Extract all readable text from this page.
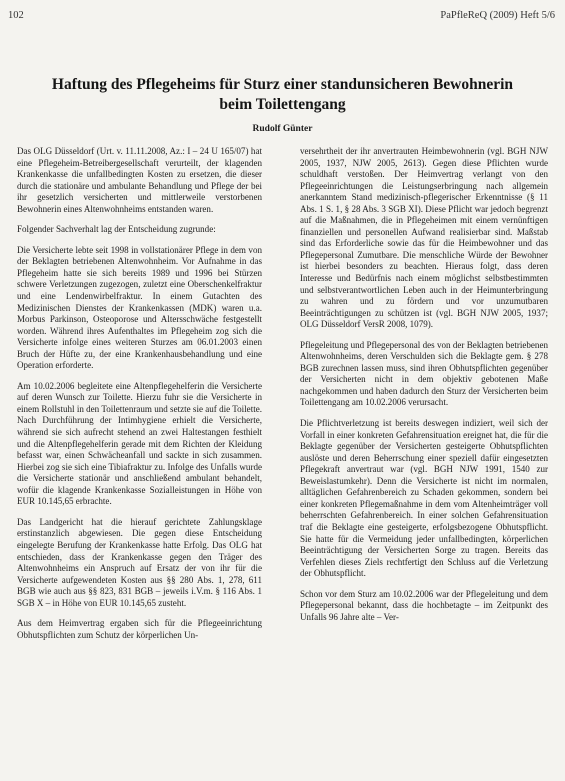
102	PaPfleReQ (2009) Heft 5/6
Haftung des Pflegeheims für Sturz einer standunsicheren Bewohnerin
beim Toilettengang
Rudolf Günter

Das OLG Düsseldorf (Urt. v. 11.11.2008, Az.: I – 24 U 165/07) hat eine Pflegeheim-Betreibergesellschaft verurteilt, der klagenden Krankenkasse die unfallbedingten Kosten zu ersetzen, die dieser durch die stationäre und ambulante Behandlung und Pflege der bei ihr gesetzlich versicherten und mittlerweile verstorbenen Bewohnerin eines Altenwohnheims entstanden waren.

Folgender Sachverhalt lag der Entscheidung zugrunde:

Die Versicherte lebte seit 1998 in vollstationärer Pflege in dem von der Beklagten betriebenen Altenwohnheim. Vor Aufnahme in das Pflegeheim hatte sie sich bereits 1989 und 1996 bei Stürzen schwere Verletzungen zugezogen, zuletzt eine Oberschenkelfraktur und eine Lendenwirbelfraktur. In einem Gutachten des Medizinischen Dienstes der Krankenkassen (MDK) waren u.a. Morbus Parkinson, Osteoporose und Altersschwäche festgestellt worden. Während ihres Aufenthaltes im Pflegeheim zog sich die Versicherte infolge eines weiteren Sturzes am 06.01.2003 einen Bruch der Hüfte zu, der eine Krankenhausbehandlung und eine Operation erforderte.

Am 10.02.2006 begleitete eine Altenpflegehelferin die Versicherte auf deren Wunsch zur Toilette. Hierzu fuhr sie die Versicherte in einem Rollstuhl in den Toilettenraum und setzte sie auf die Toilette. Nach Durchführung der Intimhygiene erhielt die Versicherte, während sie sich aufrecht stehend an zwei Haltestangen festhielt und die Altenpflegehelferin gerade mit dem Richten der Kleidung befasst war, einen Schwächeanfall und sackte in sich zusammen. Hierbei zog sie sich eine Tibiafraktur zu. Infolge des Unfalls wurde die Versicherte stationär und anschließend ambulant behandelt, wofür die klagende Krankenkasse Sozialleistungen in Höhe von EUR 10.145,65 erbrachte.

Das Landgericht hat die hierauf gerichtete Zahlungsklage erstinstanzlich abgewiesen. Die gegen diese Entscheidung eingelegte Berufung der Krankenkasse hatte Erfolg. Das OLG hat entschieden, dass der Krankenkasse gegen den Träger des Altenwohnheims ein Anspruch auf Ersatz der von ihr für die Versicherte aufgewendeten Kosten aus §§ 280 Abs. 1, 278, 611 BGB wie auch aus §§ 823, 831 BGB – jeweils i.V.m. § 116 Abs. 1 SGB X – in Höhe von EUR 10.145,65 zusteht.

Aus dem Heimvertrag ergaben sich für die Pflegeeinrichtung Obhutspflichten zum Schutz der körperlichen Un-

versehrtheit der ihr anvertrauten Heimbewohnerin (vgl. BGH NJW 2005, 1937, NJW 2005, 2613). Gegen diese Pflichten wurde schuldhaft verstoßen. Der Heimvertrag verlangt von den Pflegeeinrichtungen die Leistungserbringung nach allgemein anerkanntem Stand medizinisch-pflegerischer Erkenntnisse (§ 11 Abs. 1 S. 1, § 28 Abs. 3 SGB XI). Diese Pflicht war jedoch begrenzt auf die Maßnahmen, die in Pflegeheimen mit einem vernünftigen finanziellen und personellen Aufwand realisierbar sind. Maßstab sind das Erforderliche sowie das für die Heimbewohner und das Pflegepersonal Zumutbare. Die menschliche Würde der Bewohner ist hierbei besonders zu beachten. Hieraus folgt, dass deren Interesse und Bedürfnis nach einem möglichst selbstbestimmten und selbstverantwortlichen Leben auch in der Heimunterbringung zu wahren und zu fördern und vor unzumutbaren Beeinträchtigungen zu schützen ist (vgl. BGH NJW 2005, 1937; OLG Düsseldorf VersR 2008, 1079).

Pflegeleitung und Pflegepersonal des von der Beklagten betriebenen Altenwohnheims, deren Verschulden sich die Beklagte gem. § 278 BGB zurechnen lassen muss, sind ihren Obhutspflichten gegenüber der Versicherten nicht in dem objektiv gebotenen Maße nachgekommen und haben dadurch den Sturz der Versicherten beim Toilettengang am 10.02.2006 verursacht.

Die Pflichtverletzung ist bereits deswegen indiziert, weil sich der Vorfall in einer konkreten Gefahrensituation ereignet hat, die für die Beklagte gegenüber der Versicherten gesteigerte Obhutspflichten auslöste und deren Beherrschung einer speziell dafür eingesetzten Pflegekraft anvertraut war (vgl. BGH NJW 1991, 1540 zur Beweislastumkehr). Denn die Versicherte ist nicht im normalen, alltäglichen Gefahrenbereich zu Schaden gekommen, sondern bei einer konkreten Pflegemaßnahme in dem vom Altenheimträger voll beherrschten Gefahrenbereich. In einer solchen Gefahrensituation traf die Beklagte eine gesteigerte, erfolgsbezogene Obhutspflicht. Sie hatte für die Vermeidung jeder unfallbedingten, körperlichen Beeinträchtigung der Versicherten Sorge zu tragen. Bereits das Verfehlen dieses Ziels rechtfertigt den Schluss auf die Verletzung der Obhutspflicht.

Schon vor dem Sturz am 10.02.2006 war der Pflegeleitung und dem Pflegepersonal bekannt, dass die hochbetagte – im Zeitpunkt des Unfalls 96 Jahre alte – Ver-
